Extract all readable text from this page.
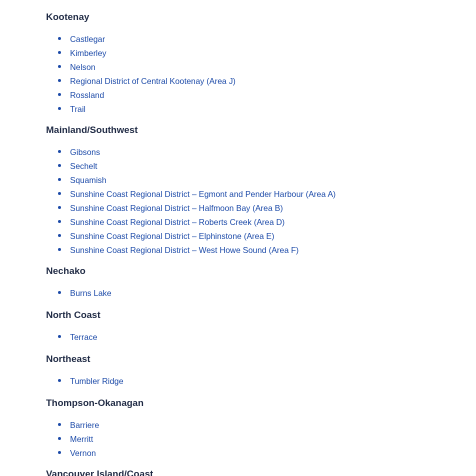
Kootenay
Castlegar
Kimberley
Nelson
Regional District of Central Kootenay (Area J)
Rossland
Trail
Mainland/Southwest
Gibsons
Sechelt
Squamish
Sunshine Coast Regional District – Egmont and Pender Harbour (Area A)
Sunshine Coast Regional District – Halfmoon Bay (Area B)
Sunshine Coast Regional District – Roberts Creek (Area D)
Sunshine Coast Regional District – Elphinstone (Area E)
Sunshine Coast Regional District – West Howe Sound (Area F)
Nechako
Burns Lake
North Coast
Terrace
Northeast
Tumbler Ridge
Thompson-Okanagan
Barriere
Merritt
Vernon
Vancouver Island/Coast
